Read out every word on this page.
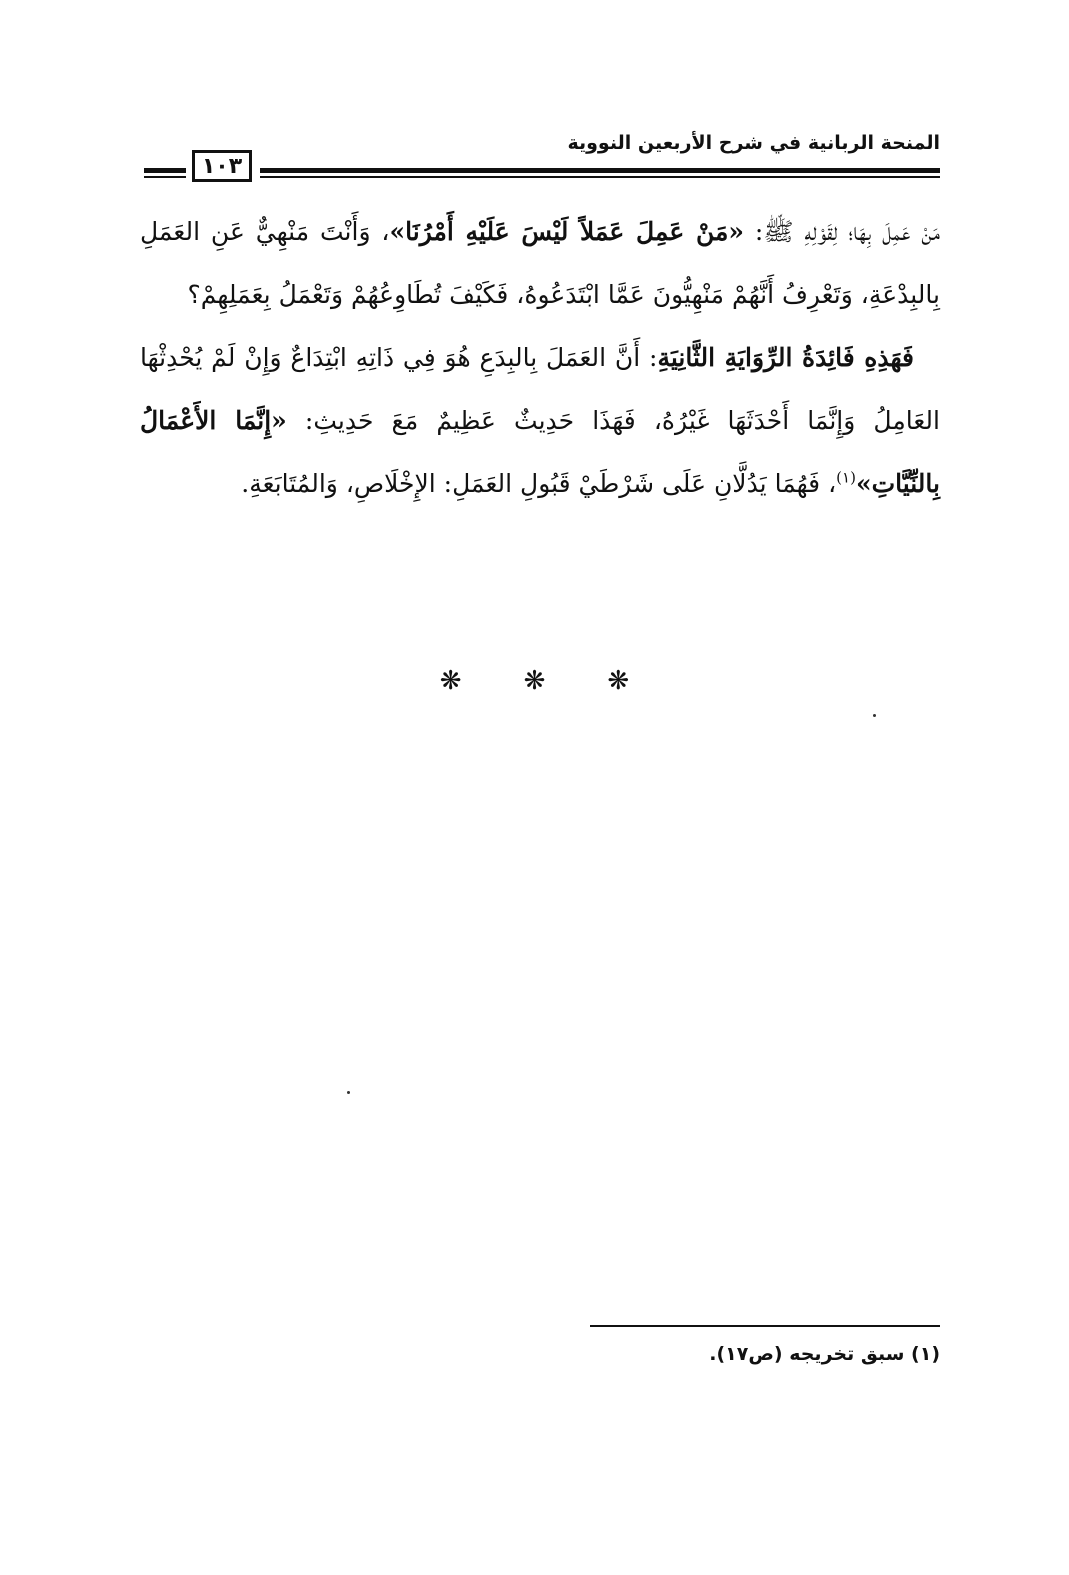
المنحة الربانية في شرح الأربعين النووية
١٠٣

مَنْ عَمِلَ بِهَا؛ لِقَوْلِهِ ﷺ: «مَنْ عَمِلَ عَمَلاً لَيْسَ عَلَيْهِ أَمْرُنَا»، وَأَنْتَ مَنْهِيٌّ عَنِ العَمَلِ بِالبِدْعَةِ، وَتَعْرِفُ أَنَّهُمْ مَنْهِيُّونَ عَمَّا ابْتَدَعُوهُ، فَكَيْفَ تُطَاوِعُهُمْ وَتَعْمَلُ بِعَمَلِهِمْ؟

فَهَذِهِ فَائِدَةُ الرِّوَايَةِ الثَّانِيَةِ: أَنَّ العَمَلَ بِالبِدَعِ هُوَ فِي ذَاتِهِ ابْتِدَاعٌ وَإِنْ لَمْ يُحْدِثْهَا العَامِلُ وَإِنَّمَا أَحْدَثَهَا غَيْرُهُ، فَهَذَا حَدِيثٌ عَظِيمٌ مَعَ حَدِيثِ: «إِنَّمَا الأَعْمَالُ بِالنِّيَّاتِ»$^{(١)}$، فَهُمَا يَدُلَّانِ عَلَى شَرْطَيْ قَبُولِ العَمَلِ: الإِخْلَاصِ، وَالمُتَابَعَةِ.

❋ ❋ ❋
(١) سبق تخريجه (ص١٧).
